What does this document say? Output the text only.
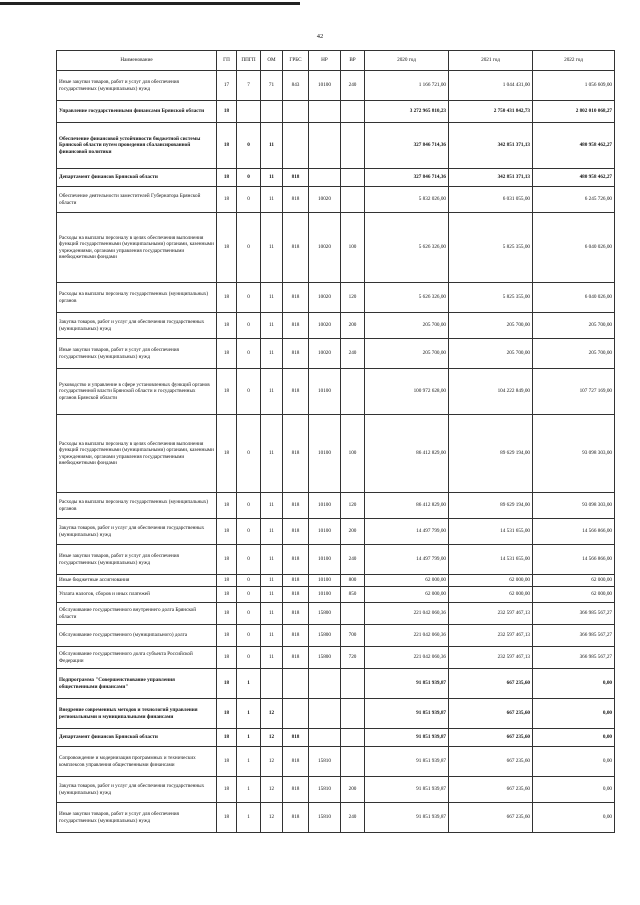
42
Наименование	ГП	ППГП	ОМ	ГРБС	НР	ВР	2020 год	2021 год	2022 год
Иные закупки товаров, работ и услуг для обеспечения государственных (муниципальных) нужд	17	7	71	843	10100	240	1 166 721,00	1 044 431,00	1 056 609,00
Управление государственными финансами Брянской области	18						3 272 965 810,23	2 750 431 842,73	2 802 010 068,27
Обеспечение финансовой устойчивости бюджетной системы Брянской области путем проведения сбалансированной финансовой политики	18	0	11				327 846 714,36	342 851 371,13	480 958 462,27
Департамент финансов Брянской области	18	0	11	818			327 846 714,36	342 851 371,13	480 958 462,27
Обеспечение деятельности заместителей Губернатора Брянской области	18	0	11	818	10020		5 832 026,00	6 031 055,00	6 245 726,00
Расходы на выплаты персоналу в целях обеспечения выполнения функций государственными (муниципальными) органами, казенными учреждениями, органами управления государственными внебюджетными фондами	18	0	11	818	10020	100	5 626 326,00	5 825 355,00	6 040 026,00
Расходы на выплаты персоналу государственных (муниципальных) органов	18	0	11	818	10020	120	5 626 326,00	5 825 355,00	6 040 026,00
Закупка товаров, работ и услуг для обеспечения государственных (муниципальных) нужд	18	0	11	818	10020	200	205 700,00	205 700,00	205 700,00
Иные закупки товаров, работ и услуг для обеспечения государственных (муниципальных) нужд	18	0	11	818	10020	240	205 700,00	205 700,00	205 700,00
Руководство и управление в сфере установленных функций органов государственной власти Брянской области и государственных органов Брянской области	18	0	11	818	10100		100 972 628,00	104 222 849,00	107 727 169,00
Расходы на выплаты персоналу в целях обеспечения выполнения функций государственными (муниципальными) органами, казенными учреждениями, органами управления государственными внебюджетными фондами	18	0	11	818	10100	100	86 412 829,00	89 629 194,00	93 098 303,00
Расходы на выплаты персоналу государственных (муниципальных) органов	18	0	11	818	10100	120	86 412 829,00	89 629 194,00	93 098 303,00
Закупка товаров, работ и услуг для обеспечения государственных (муниципальных) нужд	18	0	11	818	10100	200	14 497 799,00	14 531 655,00	14 566 866,00
Иные закупки товаров, работ и услуг для обеспечения государственных (муниципальных) нужд	18	0	11	818	10100	240	14 497 799,00	14 531 655,00	14 566 866,00
Иные бюджетные ассигнования	18	0	11	818	10100	800	62 000,00	62 000,00	62 000,00
Уплата налогов, сборов и иных платежей	18	0	11	818	10100	850	62 000,00	62 000,00	62 000,00
Обслуживание государственного внутреннего долга Брянской области	18	0	11	818	15800		221 042 060,36	232 597 467,13	366 985 567,27
Обслуживание государственного (муниципального) долга	18	0	11	818	15800	700	221 042 060,36	232 597 467,13	366 985 567,27
Обслуживание государственного долга субъекта Российской Федерации	18	0	11	818	15800	720	221 042 060,36	232 597 467,13	366 985 567,27
Подпрограмма "Совершенствование управления общественными финансами"	18	1					91 851 939,87	667 235,60	0,00
Внедрение современных методов и технологий управления региональными и муниципальными финансами	18	1	12				91 851 939,87	667 235,60	0,00
Департамент финансов Брянской области	18	1	12	818			91 851 939,87	667 235,60	0,00
Сопровождение и модернизация программных и технических комплексов управления общественными финансами	18	1	12	818	15810		91 851 939,87	667 235,60	0,00
Закупка товаров, работ и услуг для обеспечения государственных (муниципальных) нужд	18	1	12	818	15810	200	91 851 939,87	667 235,60	0,00
Иные закупки товаров, работ и услуг для обеспечения государственных (муниципальных) нужд	18	1	12	818	15810	240	91 851 939,87	667 235,60	0,00
